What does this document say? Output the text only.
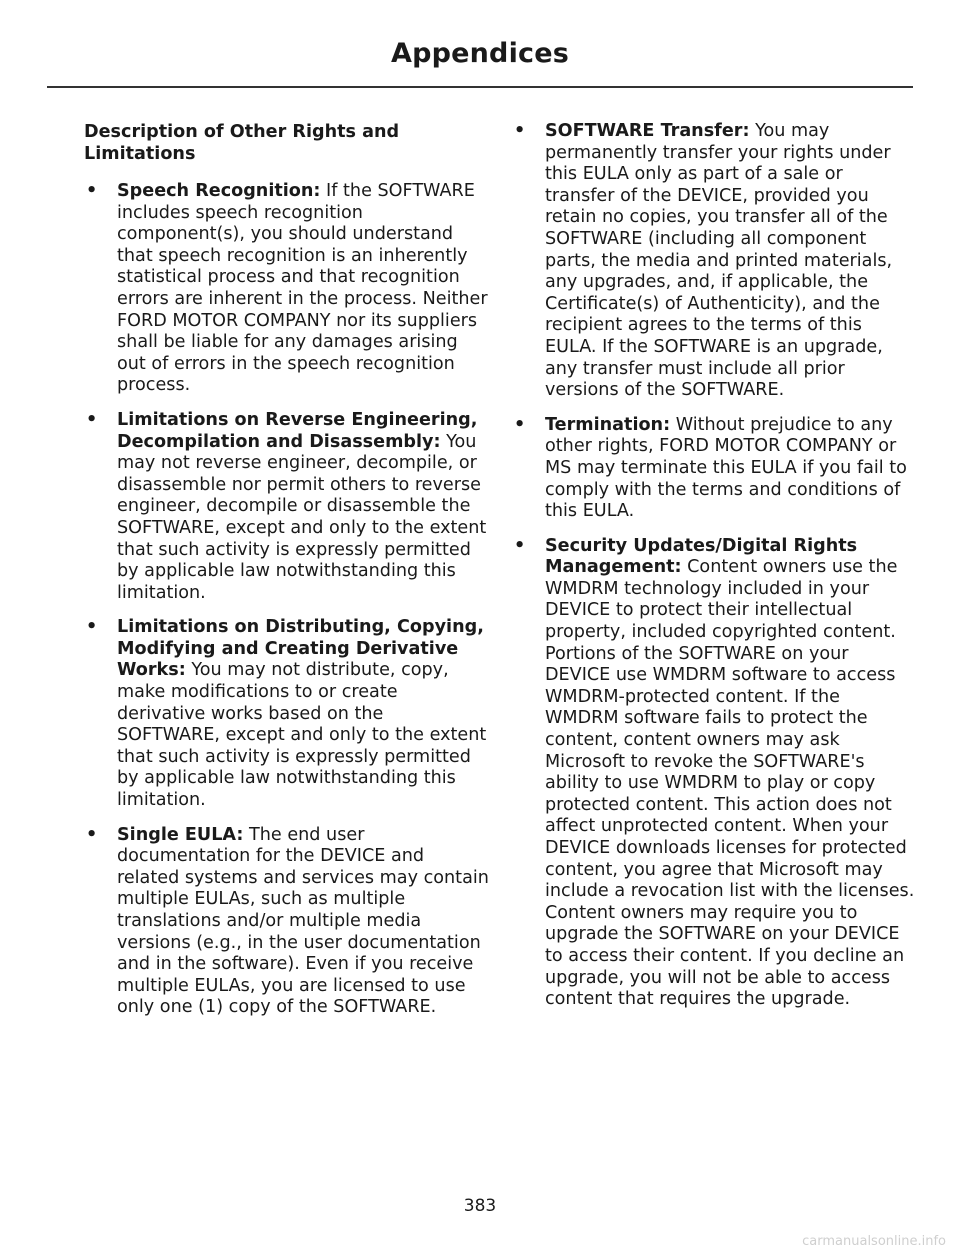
Appendices
Description of Other Rights and Limitations
• Speech Recognition: If the SOFTWARE includes speech recognition component(s), you should understand that speech recognition is an inherently statistical process and that recognition errors are inherent in the process. Neither FORD MOTOR COMPANY nor its suppliers shall be liable for any damages arising out of errors in the speech recognition process.
• Limitations on Reverse Engineering, Decompilation and Disassembly: You may not reverse engineer, decompile, or disassemble nor permit others to reverse engineer, decompile or disassemble the SOFTWARE, except and only to the extent that such activity is expressly permitted by applicable law notwithstanding this limitation.
• Limitations on Distributing, Copying, Modifying and Creating Derivative Works: You may not distribute, copy, make modifications to or create derivative works based on the SOFTWARE, except and only to the extent that such activity is expressly permitted by applicable law notwithstanding this limitation.
• Single EULA: The end user documentation for the DEVICE and related systems and services may contain multiple EULAs, such as multiple translations and/or multiple media versions (e.g., in the user documentation and in the software). Even if you receive multiple EULAs, you are licensed to use only one (1) copy of the SOFTWARE.
• SOFTWARE Transfer: You may permanently transfer your rights under this EULA only as part of a sale or transfer of the DEVICE, provided you retain no copies, you transfer all of the SOFTWARE (including all component parts, the media and printed materials, any upgrades, and, if applicable, the Certificate(s) of Authenticity), and the recipient agrees to the terms of this EULA. If the SOFTWARE is an upgrade, any transfer must include all prior versions of the SOFTWARE.
• Termination: Without prejudice to any other rights, FORD MOTOR COMPANY or MS may terminate this EULA if you fail to comply with the terms and conditions of this EULA.
• Security Updates/Digital Rights Management: Content owners use the WMDRM technology included in your DEVICE to protect their intellectual property, included copyrighted content. Portions of the SOFTWARE on your DEVICE use WMDRM software to access WMDRM-protected content. If the WMDRM software fails to protect the content, content owners may ask Microsoft to revoke the SOFTWARE's ability to use WMDRM to play or copy protected content. This action does not affect unprotected content. When your DEVICE downloads licenses for protected content, you agree that Microsoft may include a revocation list with the licenses. Content owners may require you to upgrade the SOFTWARE on your DEVICE to access their content. If you decline an upgrade, you will not be able to access content that requires the upgrade.
383
carmanualsonline.info
